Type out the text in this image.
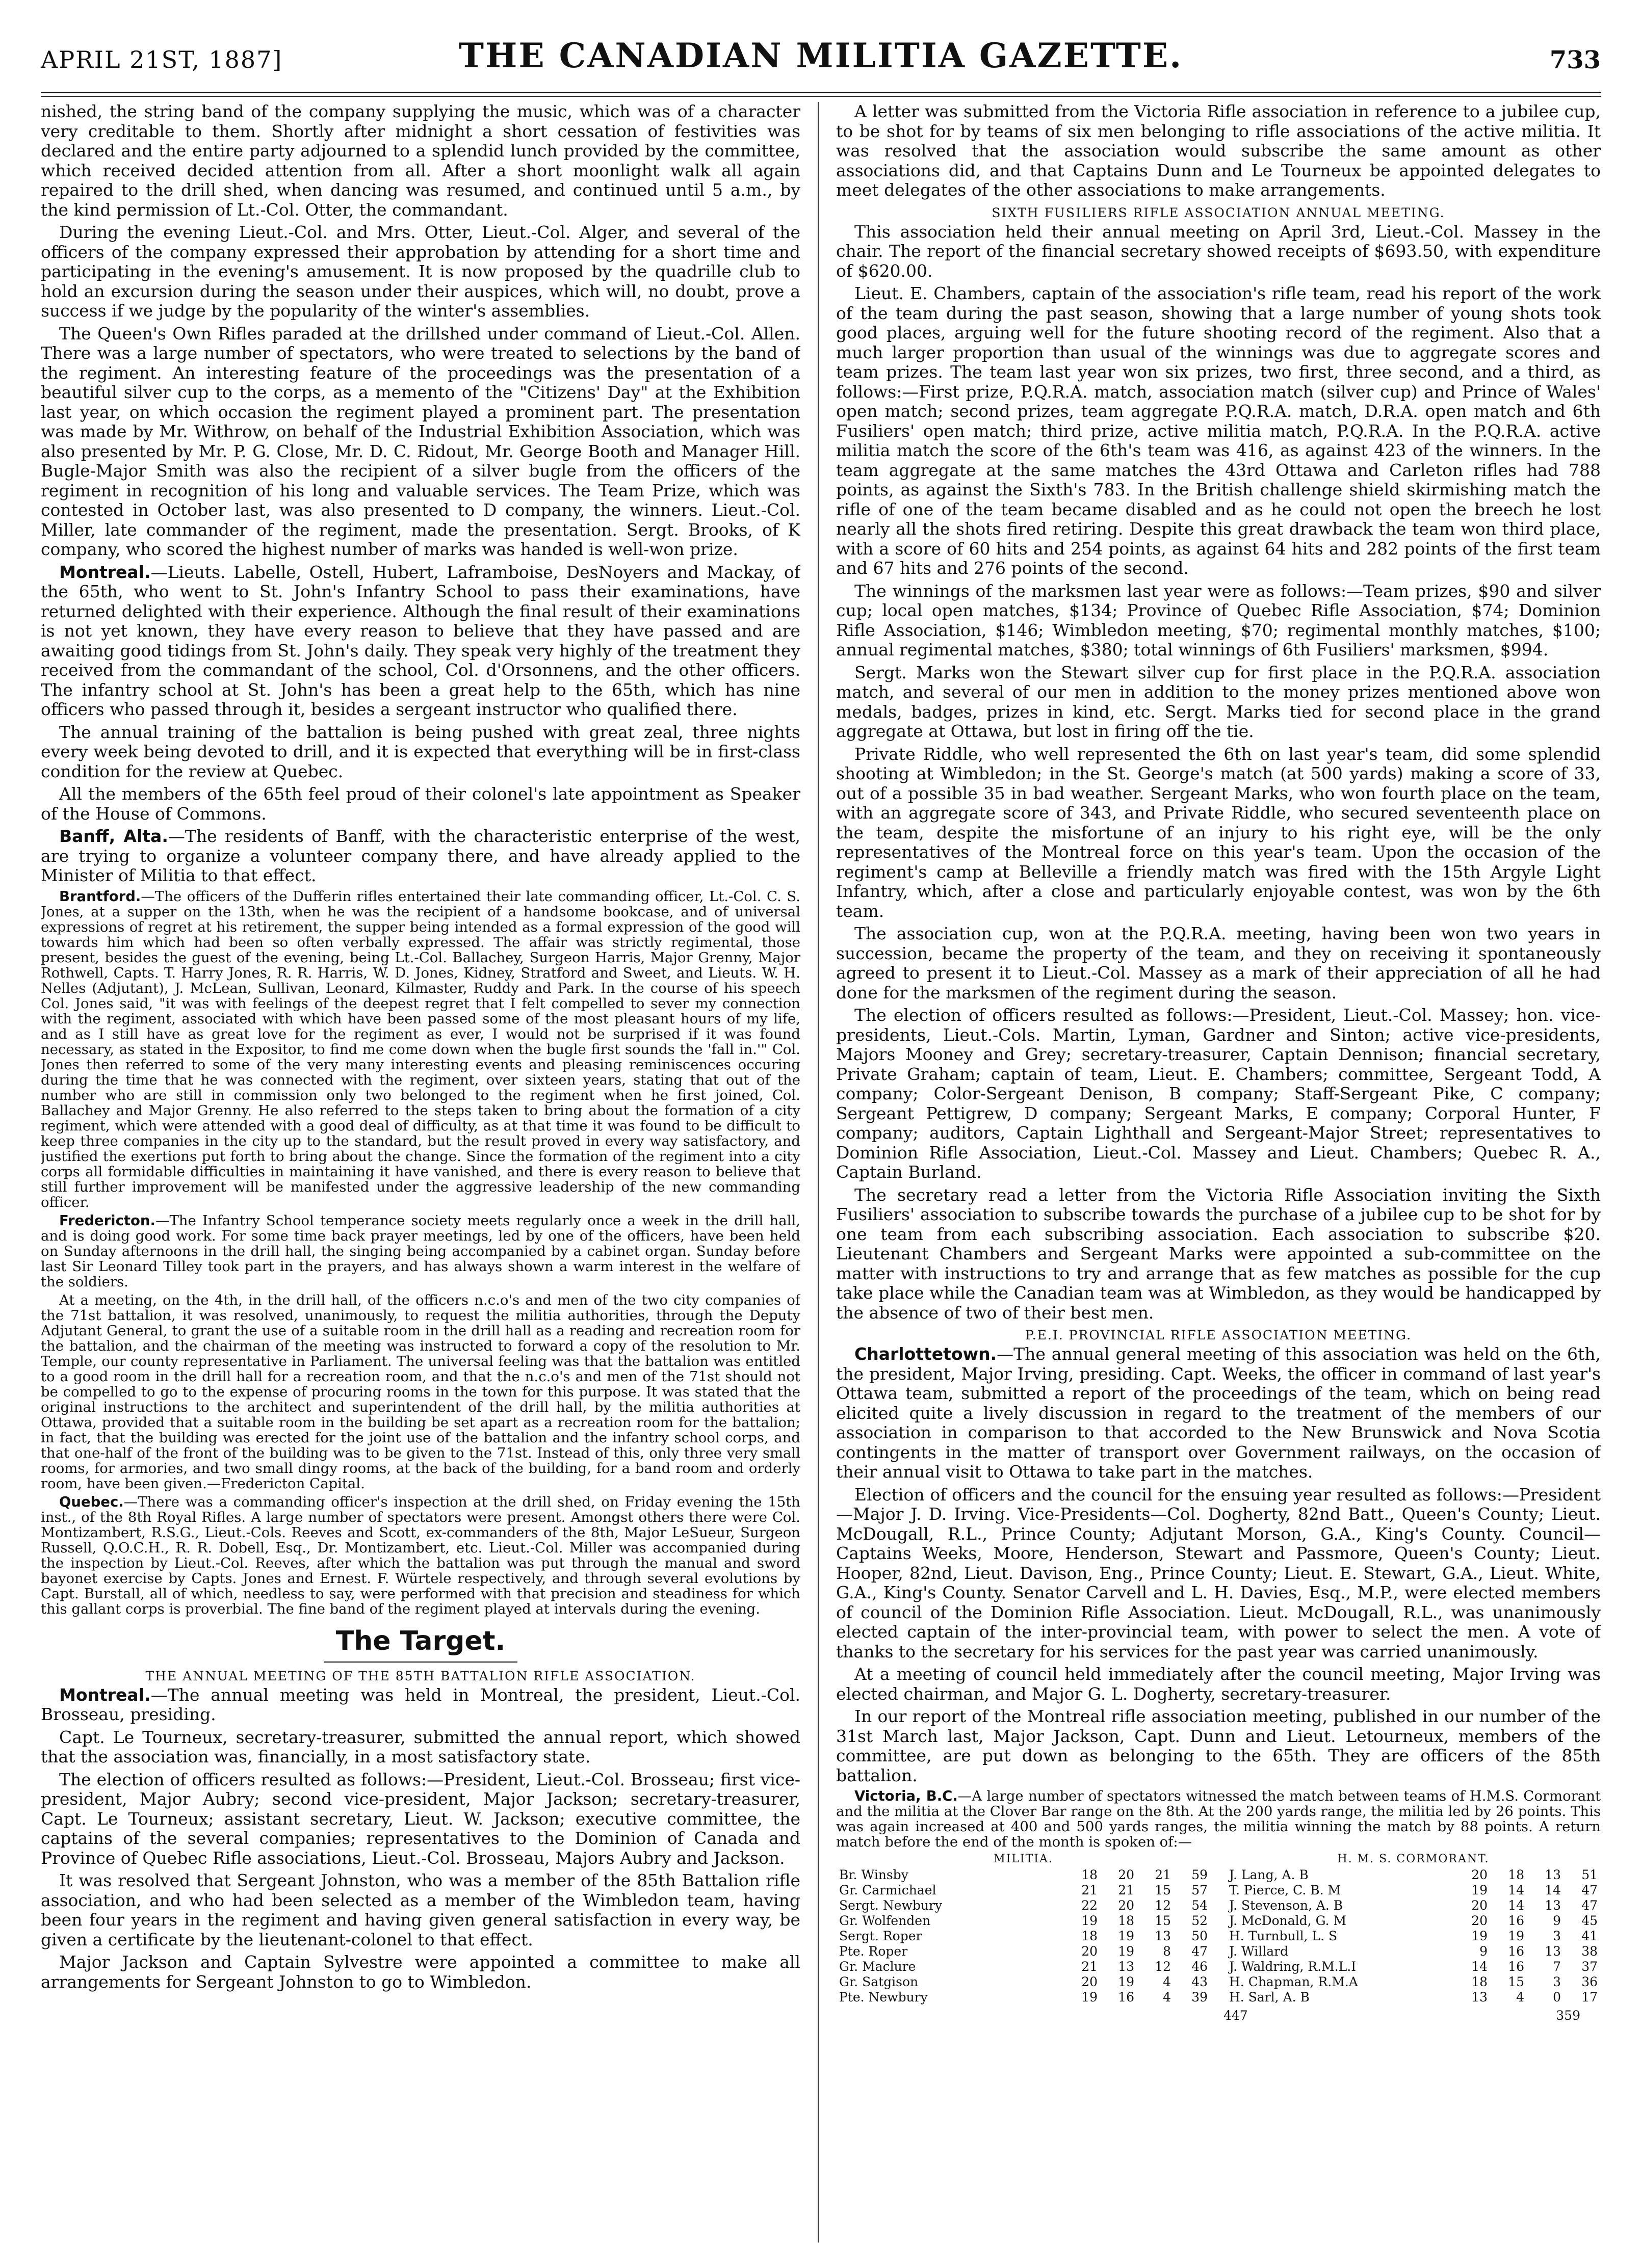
APRIL 21ST, 1887]	THE CANADIAN MILITIA GAZETTE.	733

nished, the string band of the company supplying the music, which was of a character very creditable to them. Shortly after midnight a short cessation of festivities was declared and the entire party adjourned to a splendid lunch provided by the committee, which received decided attention from all. After a short moonlight walk all again repaired to the drill shed, when dancing was resumed, and continued until 5 a.m., by the kind permission of Lt.-Col. Otter, the commandant.

During the evening Lieut.-Col. and Mrs. Otter, Lieut.-Col. Alger, and several of the officers of the company expressed their approbation by attending for a short time and participating in the evening's amusement. It is now proposed by the quadrille club to hold an excursion during the season under their auspices, which will, no doubt, prove a success if we judge by the popularity of the winter's assemblies.

The Queen's Own Rifles paraded at the drillshed under command of Lieut.-Col. Allen. There was a large number of spectators, who were treated to selections by the band of the regiment. An interesting feature of the proceedings was the presentation of a beautiful silver cup to the corps, as a memento of the "Citizens' Day" at the Exhibition last year, on which occasion the regiment played a prominent part. The presentation was made by Mr. Withrow, on behalf of the Industrial Exhibition Association, which was also presented by Mr. P. G. Close, Mr. D. C. Ridout, Mr. George Booth and Manager Hill. Bugle-Major Smith was also the recipient of a silver bugle from the officers of the regiment in recognition of his long and valuable services. The Team Prize, which was contested in October last, was also presented to D company, the winners. Lieut.-Col. Miller, late commander of the regiment, made the presentation. Sergt. Brooks, of K company, who scored the highest number of marks was handed is well-won prize.

Montreal.—Lieuts. Labelle, Ostell, Hubert, Laframboise, DesNoyers and Mackay, of the 65th, who went to St. John's Infantry School to pass their examinations, have returned delighted with their experience. Although the final result of their examinations is not yet known, they have every reason to believe that they have passed and are awaiting good tidings from St. John's daily. They speak very highly of the treatment they received from the commandant of the school, Col. d'Orsonnens, and the other officers. The infantry school at St. John's has been a great help to the 65th, which has nine officers who passed through it, besides a sergeant instructor who qualified there.

The annual training of the battalion is being pushed with great zeal, three nights every week being devoted to drill, and it is expected that everything will be in first-class condition for the review at Quebec.

All the members of the 65th feel proud of their colonel's late appointment as Speaker of the House of Commons.

Banff, Alta.—The residents of Banff, with the characteristic enterprise of the west, are trying to organize a volunteer company there, and have already applied to the Minister of Militia to that effect.

Brantford.—The officers of the Dufferin rifles entertained their late commanding officer, Lt.-Col. C. S. Jones, at a supper on the 13th, when he was the recipient of a handsome bookcase, and of universal expressions of regret at his retirement, the supper being intended as a formal expression of the good will towards him which had been so often verbally expressed. The affair was strictly regimental, those present, besides the guest of the evening, being Lt.-Col. Ballachey, Surgeon Harris, Major Grenny, Major Rothwell, Capts. T. Harry Jones, R. R. Harris, W. D. Jones, Kidney, Stratford and Sweet, and Lieuts. W. H. Nelles (Adjutant), J. McLean, Sullivan, Leonard, Kilmaster, Ruddy and Park. In the course of his speech Col. Jones said, "it was with feelings of the deepest regret that I felt compelled to sever my connection with the regiment, associated with which have been passed some of the most pleasant hours of my life, and as I still have as great love for the regiment as ever, I would not be surprised if it was found necessary, as stated in the Expositor, to find me come down when the bugle first sounds the 'fall in.'" Col. Jones then referred to some of the very many interesting events and pleasing reminiscences occuring during the time that he was connected with the regiment, over sixteen years, stating that out of the number who are still in commission only two belonged to the regiment when he first joined, Col. Ballachey and Major Grenny. He also referred to the steps taken to bring about the formation of a city regiment, which were attended with a good deal of difficulty, as at that time it was found to be difficult to keep three companies in the city up to the standard, but the result proved in every way satisfactory, and justified the exertions put forth to bring about the change. Since the formation of the regiment into a city corps all formidable difficulties in maintaining it have vanished, and there is every reason to believe that still further improvement will be manifested under the aggressive leadership of the new commanding officer.

Fredericton.—The Infantry School temperance society meets regularly once a week in the drill hall, and is doing good work. For some time back prayer meetings, led by one of the officers, have been held on Sunday afternoons in the drill hall, the singing being accompanied by a cabinet organ. Sunday before last Sir Leonard Tilley took part in the prayers, and has always shown a warm interest in the welfare of the soldiers.

At a meeting, on the 4th, in the drill hall, of the officers n.c.o's and men of the two city companies of the 71st battalion, it was resolved, unanimously, to request the militia authorities, through the Deputy Adjutant General, to grant the use of a suitable room in the drill hall as a reading and recreation room for the battalion, and the chairman of the meeting was instructed to forward a copy of the resolution to Mr. Temple, our county representative in Parliament. The universal feeling was that the battalion was entitled to a good room in the drill hall for a recreation room, and that the n.c.o's and men of the 71st should not be compelled to go to the expense of procuring rooms in the town for this purpose. It was stated that the original instructions to the architect and superintendent of the drill hall, by the militia authorities at Ottawa, provided that a suitable room in the building be set apart as a recreation room for the battalion; in fact, that the building was erected for the joint use of the battalion and the infantry school corps, and that one-half of the front of the building was to be given to the 71st. Instead of this, only three very small rooms, for armories, and two small dingy rooms, at the back of the building, for a band room and orderly room, have been given.—Fredericton Capital.

Quebec.—There was a commanding officer's inspection at the drill shed, on Friday evening the 15th inst., of the 8th Royal Rifles. A large number of spectators were present. Amongst others there were Col. Montizambert, R.S.G., Lieut.-Cols. Reeves and Scott, ex-commanders of the 8th, Major LeSueur, Surgeon Russell, Q.O.C.H., R. R. Dobell, Esq., Dr. Montizambert, etc. Lieut.-Col. Miller was accompanied during the inspection by Lieut.-Col. Reeves, after which the battalion was put through the manual and sword bayonet exercise by Capts. Jones and Ernest. F. Würtele respectively, and through several evolutions by Capt. Burstall, all of which, needless to say, were performed with that precision and steadiness for which this gallant corps is proverbial. The fine band of the regiment played at intervals during the evening.

The Target.
THE ANNUAL MEETING OF THE 85TH BATTALION RIFLE ASSOCIATION.

Montreal.—The annual meeting was held in Montreal, the president, Lieut.-Col. Brosseau, presiding.

Capt. Le Tourneux, secretary-treasurer, submitted the annual report, which showed that the association was, financially, in a most satisfactory state.

The election of officers resulted as follows:—President, Lieut.-Col. Brosseau; first vice-president, Major Aubry; second vice-president, Major Jackson; secretary-treasurer, Capt. Le Tourneux; assistant secretary, Lieut. W. Jackson; executive committee, the captains of the several companies; representatives to the Dominion of Canada and Province of Quebec Rifle associations, Lieut.-Col. Brosseau, Majors Aubry and Jackson.

It was resolved that Sergeant Johnston, who was a member of the 85th Battalion rifle association, and who had been selected as a member of the Wimbledon team, having been four years in the regiment and having given general satisfaction in every way, be given a certificate by the lieutenant-colonel to that effect.

Major Jackson and Captain Sylvestre were appointed a committee to make all arrangements for Sergeant Johnston to go to Wimbledon.

A letter was submitted from the Victoria Rifle association in reference to a jubilee cup, to be shot for by teams of six men belonging to rifle associations of the active militia. It was resolved that the association would subscribe the same amount as other associations did, and that Captains Dunn and Le Tourneux be appointed delegates to meet delegates of the other associations to make arrangements.

SIXTH FUSILIERS RIFLE ASSOCIATION ANNUAL MEETING.

This association held their annual meeting on April 3rd, Lieut.-Col. Massey in the chair. The report of the financial secretary showed receipts of $693.50, with expenditure of $620.00.

Lieut. E. Chambers, captain of the association's rifle team, read his report of the work of the team during the past season, showing that a large number of young shots took good places, arguing well for the future shooting record of the regiment. Also that a much larger proportion than usual of the winnings was due to aggregate scores and team prizes. The team last year won six prizes, two first, three second, and a third, as follows:—First prize, P.Q.R.A. match, association match (silver cup) and Prince of Wales' open match; second prizes, team aggregate P.Q.R.A. match, D.R.A. open match and 6th Fusiliers' open match; third prize, active militia match, P.Q.R.A. In the P.Q.R.A. active militia match the score of the 6th's team was 416, as against 423 of the winners. In the team aggregate at the same matches the 43rd Ottawa and Carleton rifles had 788 points, as against the Sixth's 783. In the British challenge shield skirmishing match the rifle of one of the team became disabled and as he could not open the breech he lost nearly all the shots fired retiring. Despite this great drawback the team won third place, with a score of 60 hits and 254 points, as against 64 hits and 282 points of the first team and 67 hits and 276 points of the second.

The winnings of the marksmen last year were as follows:—Team prizes, $90 and silver cup; local open matches, $134; Province of Quebec Rifle Association, $74; Dominion Rifle Association, $146; Wimbledon meeting, $70; regimental monthly matches, $100; annual regimental matches, $380; total winnings of 6th Fusiliers' marksmen, $994.

Sergt. Marks won the Stewart silver cup for first place in the P.Q.R.A. association match, and several of our men in addition to the money prizes mentioned above won medals, badges, prizes in kind, etc. Sergt. Marks tied for second place in the grand aggregate at Ottawa, but lost in firing off the tie.

Private Riddle, who well represented the 6th on last year's team, did some splendid shooting at Wimbledon; in the St. George's match (at 500 yards) making a score of 33, out of a possible 35 in bad weather. Sergeant Marks, who won fourth place on the team, with an aggregate score of 343, and Private Riddle, who secured seventeenth place on the team, despite the misfortune of an injury to his right eye, will be the only representatives of the Montreal force on this year's team. Upon the occasion of the regiment's camp at Belleville a friendly match was fired with the 15th Argyle Light Infantry, which, after a close and particularly enjoyable contest, was won by the 6th team.

The association cup, won at the P.Q.R.A. meeting, having been won two years in succession, became the property of the team, and they on receiving it spontaneously agreed to present it to Lieut.-Col. Massey as a mark of their appreciation of all he had done for the marksmen of the regiment during the season.

The election of officers resulted as follows:—President, Lieut.-Col. Massey; hon. vice-presidents, Lieut.-Cols. Martin, Lyman, Gardner and Sinton; active vice-presidents, Majors Mooney and Grey; secretary-treasurer, Captain Dennison; financial secretary, Private Graham; captain of team, Lieut. E. Chambers; committee, Sergeant Todd, A company; Color-Sergeant Denison, B company; Staff-Sergeant Pike, C company; Sergeant Pettigrew, D company; Sergeant Marks, E company; Corporal Hunter, F company; auditors, Captain Lighthall and Sergeant-Major Street; representatives to Dominion Rifle Association, Lieut.-Col. Massey and Lieut. Chambers; Quebec R. A., Captain Burland.

The secretary read a letter from the Victoria Rifle Association inviting the Sixth Fusiliers' association to subscribe towards the purchase of a jubilee cup to be shot for by one team from each subscribing association. Each association to subscribe $20. Lieutenant Chambers and Sergeant Marks were appointed a sub-committee on the matter with instructions to try and arrange that as few matches as possible for the cup take place while the Canadian team was at Wimbledon, as they would be handicapped by the absence of two of their best men.

P.E.I. PROVINCIAL RIFLE ASSOCIATION MEETING.

Charlottetown.—The annual general meeting of this association was held on the 6th, the president, Major Irving, presiding. Capt. Weeks, the officer in command of last year's Ottawa team, submitted a report of the proceedings of the team, which on being read elicited quite a lively discussion in regard to the treatment of the members of our association in comparison to that accorded to the New Brunswick and Nova Scotia contingents in the matter of transport over Government railways, on the occasion of their annual visit to Ottawa to take part in the matches.

Election of officers and the council for the ensuing year resulted as follows:—President—Major J. D. Irving. Vice-Presidents—Col. Dogherty, 82nd Batt., Queen's County; Lieut. McDougall, R.L., Prince County; Adjutant Morson, G.A., King's County. Council—Captains Weeks, Moore, Henderson, Stewart and Passmore, Queen's County; Lieut. Hooper, 82nd, Lieut. Davison, Eng., Prince County; Lieut. E. Stewart, G.A., Lieut. White, G.A., King's County. Senator Carvell and L. H. Davies, Esq., M.P., were elected members of council of the Dominion Rifle Association. Lieut. McDougall, R.L., was unanimously elected captain of the inter-provincial team, with power to select the men. A vote of thanks to the secretary for his services for the past year was carried unanimously.

At a meeting of council held immediately after the council meeting, Major Irving was elected chairman, and Major G. L. Dogherty, secretary-treasurer.

In our report of the Montreal rifle association meeting, published in our number of the 31st March last, Major Jackson, Capt. Dunn and Lieut. Letourneux, members of the committee, are put down as belonging to the 65th. They are officers of the 85th battalion.

Victoria, B.C.—A large number of spectators witnessed the match between teams of H.M.S. Cormorant and the militia at the Clover Bar range on the 8th. At the 200 yards range, the militia led by 26 points. This was again increased at 400 and 500 yards ranges, the militia winning the match by 88 points. A return match before the end of the month is spoken of:—

MILITIA.
Br. Winsby	18	20	21	59
Gr. Carmichael	21	21	15	57
Sergt. Newbury	22	20	12	54
Gr. Wolfenden	19	18	15	52
Sergt. Roper	18	19	13	50
Pte. Roper	20	19	8	47
Gr. Maclure	21	13	12	46
Gr. Satgison	20	19	4	43
Pte. Newbury	19	16	4	39
H. M. S. CORMORANT.
J. Lang, A. B	20	18	13	51
T. Pierce, C. B. M	19	14	14	47
J. Stevenson, A. B	20	14	13	47
J. McDonald, G. M	20	16	9	45
H. Turnbull, L. S	19	19	3	41
J. Willard	9	16	13	38
J. Waldring, R.M.L.I	14	16	7	37
H. Chapman, R.M.A	18	15	3	36
H. Sarl, A. B	13	4	0	17
447	359
